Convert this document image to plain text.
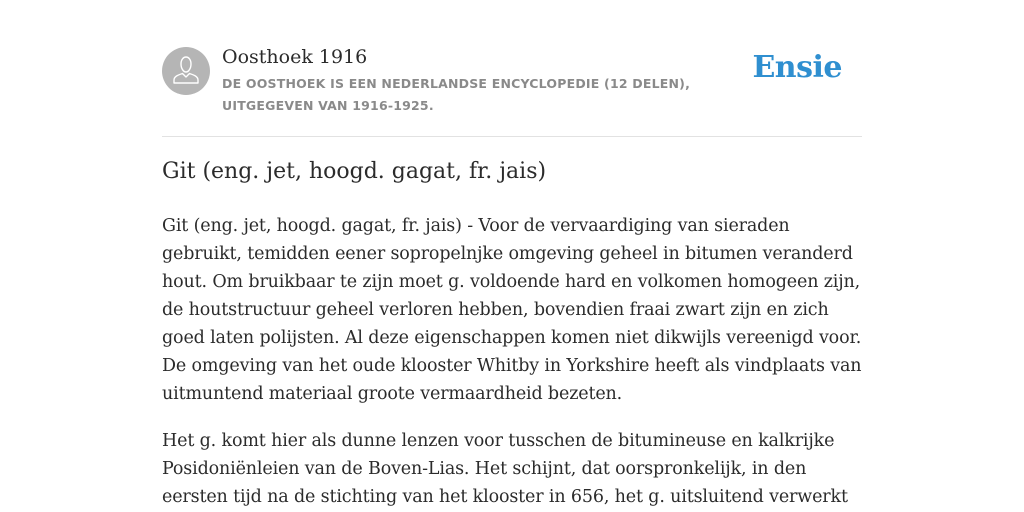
Oosthoek 1916
DE OOSTHOEK IS EEN NEDERLANDSE ENCYCLOPEDIE (12 DELEN), UITGEGEVEN VAN 1916-1925.
Ensie
Git (eng. jet, hoogd. gagat, fr. jais)

Git (eng. jet, hoogd. gagat, fr. jais) - Voor de vervaardiging van sieraden gebruikt, temidden eener sopropelnjke omgeving geheel in bitumen veranderd hout. Om bruikbaar te zijn moet g. voldoende hard en volkomen homogeen zijn, de houtstructuur geheel verloren hebben, bovendien fraai zwart zijn en zich goed laten polijsten. Al deze eigenschappen komen niet dikwijls vereenigd voor. De omgeving van het oude klooster Whitby in Yorkshire heeft als vindplaats van uitmuntend materiaal groote vermaardheid bezeten.

Het g. komt hier als dunne lenzen voor tusschen de bitumineuse en kalkrijke Posidoniënleien van de Boven-Lias. Het schijnt, dat oorspronkelijk, in den eersten tijd na de stichting van het klooster in 656, het g. uitsluitend verwerkt
